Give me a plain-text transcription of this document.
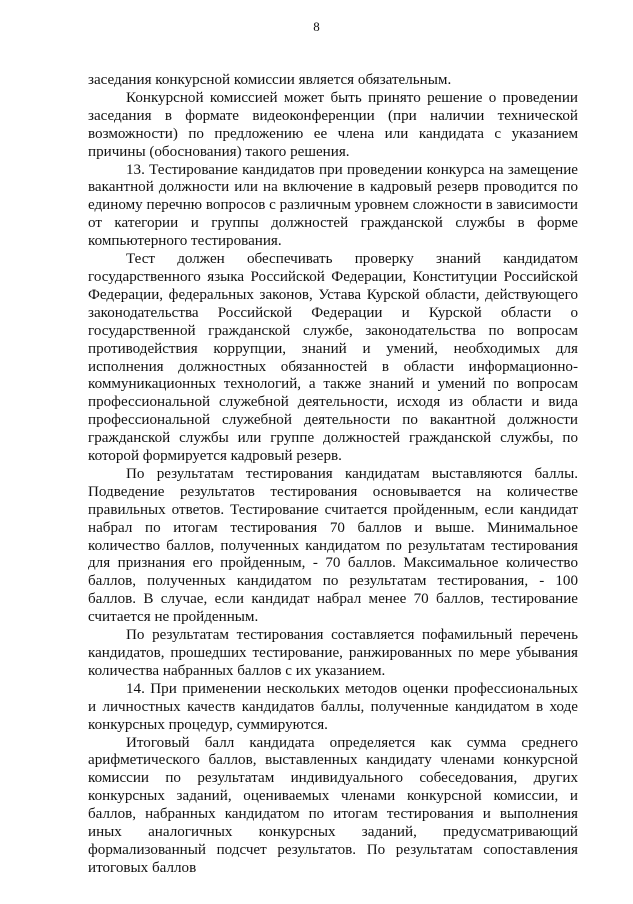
8

заседания конкурсной комиссии является обязательным.

Конкурсной комиссией может быть принято решение о проведении заседания в формате видеоконференции (при наличии технической возможности) по предложению ее члена или кандидата с указанием причины (обоснования) такого решения.

13. Тестирование кандидатов при проведении конкурса на замещение вакантной должности или на включение в кадровый резерв проводится по единому перечню вопросов с различным уровнем сложности в зависимости от категории и группы должностей гражданской службы в форме компьютерного тестирования.

Тест должен обеспечивать проверку знаний кандидатом государственного языка Российской Федерации, Конституции Российской Федерации, федеральных законов, Устава Курской области, действующего законодательства Российской Федерации и Курской области о государственной гражданской службе, законодательства по вопросам противодействия коррупции, знаний и умений, необходимых для исполнения должностных обязанностей в области информационно-коммуникационных технологий, а также знаний и умений по вопросам профессиональной служебной деятельности, исходя из области и вида профессиональной служебной деятельности по вакантной должности гражданской службы или группе должностей гражданской службы, по которой формируется кадровый резерв.

По результатам тестирования кандидатам выставляются баллы. Подведение результатов тестирования основывается на количестве правильных ответов. Тестирование считается пройденным, если кандидат набрал по итогам тестирования 70 баллов и выше. Минимальное количество баллов, полученных кандидатом по результатам тестирования для признания его пройденным, - 70 баллов. Максимальное количество баллов, полученных кандидатом по результатам тестирования, - 100 баллов. В случае, если кандидат набрал менее 70 баллов, тестирование считается не пройденным.

По результатам тестирования составляется пофамильный перечень кандидатов, прошедших тестирование, ранжированных по мере убывания количества набранных баллов с их указанием.

14. При применении нескольких методов оценки профессиональных и личностных качеств кандидатов баллы, полученные кандидатом в ходе конкурсных процедур, суммируются.

Итоговый балл кандидата определяется как сумма среднего арифметического баллов, выставленных кандидату членами конкурсной комиссии по результатам индивидуального собеседования, других конкурсных заданий, оцениваемых членами конкурсной комиссии, и баллов, набранных кандидатом по итогам тестирования и выполнения иных аналогичных конкурсных заданий, предусматривающий формализованный подсчет результатов. По результатам сопоставления итоговых баллов
